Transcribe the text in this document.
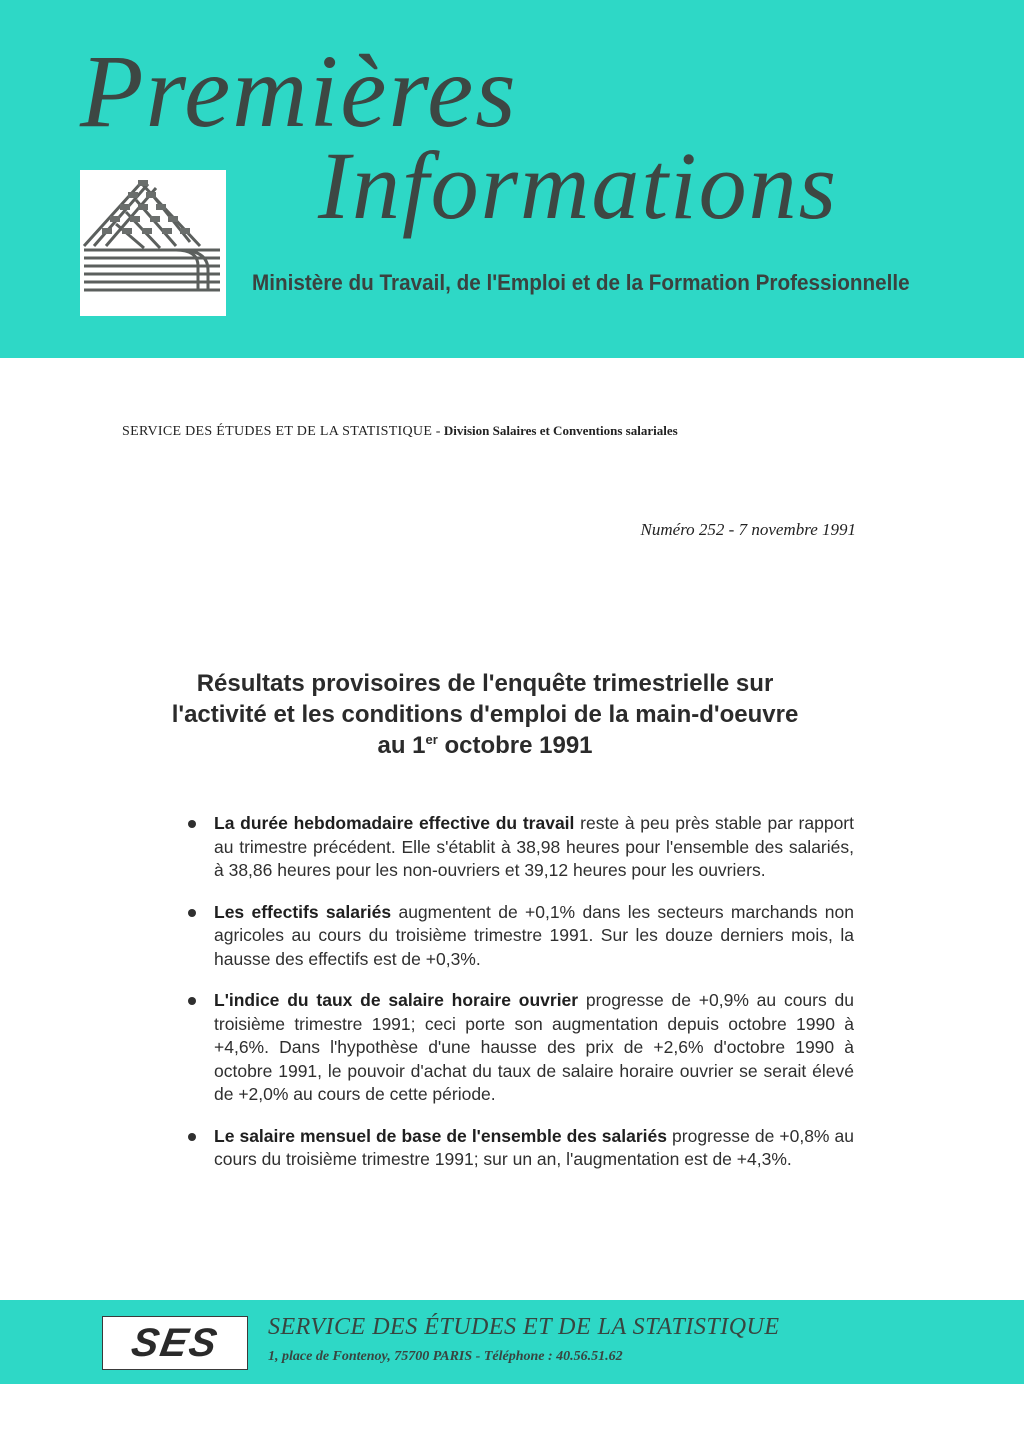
Premières
Informations

Ministère du Travail, de l'Emploi et de la Formation Professionnelle

SERVICE DES ÉTUDES ET DE LA STATISTIQUE - Division Salaires et Conventions salariales
Numéro 252 - 7 novembre 1991
Résultats provisoires de l'enquête trimestrielle sur
l'activité et les conditions d'emploi de la main-d'oeuvre
au 1er octobre 1991
La durée hebdomadaire effective du travail reste à peu près stable par rapport au trimestre précédent. Elle s'établit à 38,98 heures pour l'ensemble des salariés, à 38,86 heures pour les non-ouvriers et 39,12 heures pour les ouvriers.
Les effectifs salariés augmentent de +0,1% dans les secteurs marchands non agricoles au cours du troisième trimestre 1991. Sur les douze derniers mois, la hausse des effectifs est de +0,3%.
L'indice du taux de salaire horaire ouvrier progresse de +0,9% au cours du troisième trimestre 1991; ceci porte son augmentation depuis octobre 1990 à +4,6%. Dans l'hypothèse d'une hausse des prix de +2,6% d'octobre 1990 à octobre 1991, le pouvoir d'achat du taux de salaire horaire ouvrier se serait élevé de +2,0% au cours de cette période.
Le salaire mensuel de base de l'ensemble des salariés progresse de +0,8% au cours du troisième trimestre 1991; sur un an, l'augmentation est de +4,3%.
SES SERVICE DES ÉTUDES ET DE LA STATISTIQUE
1, place de Fontenoy, 75700 PARIS - Téléphone : 40.56.51.62
